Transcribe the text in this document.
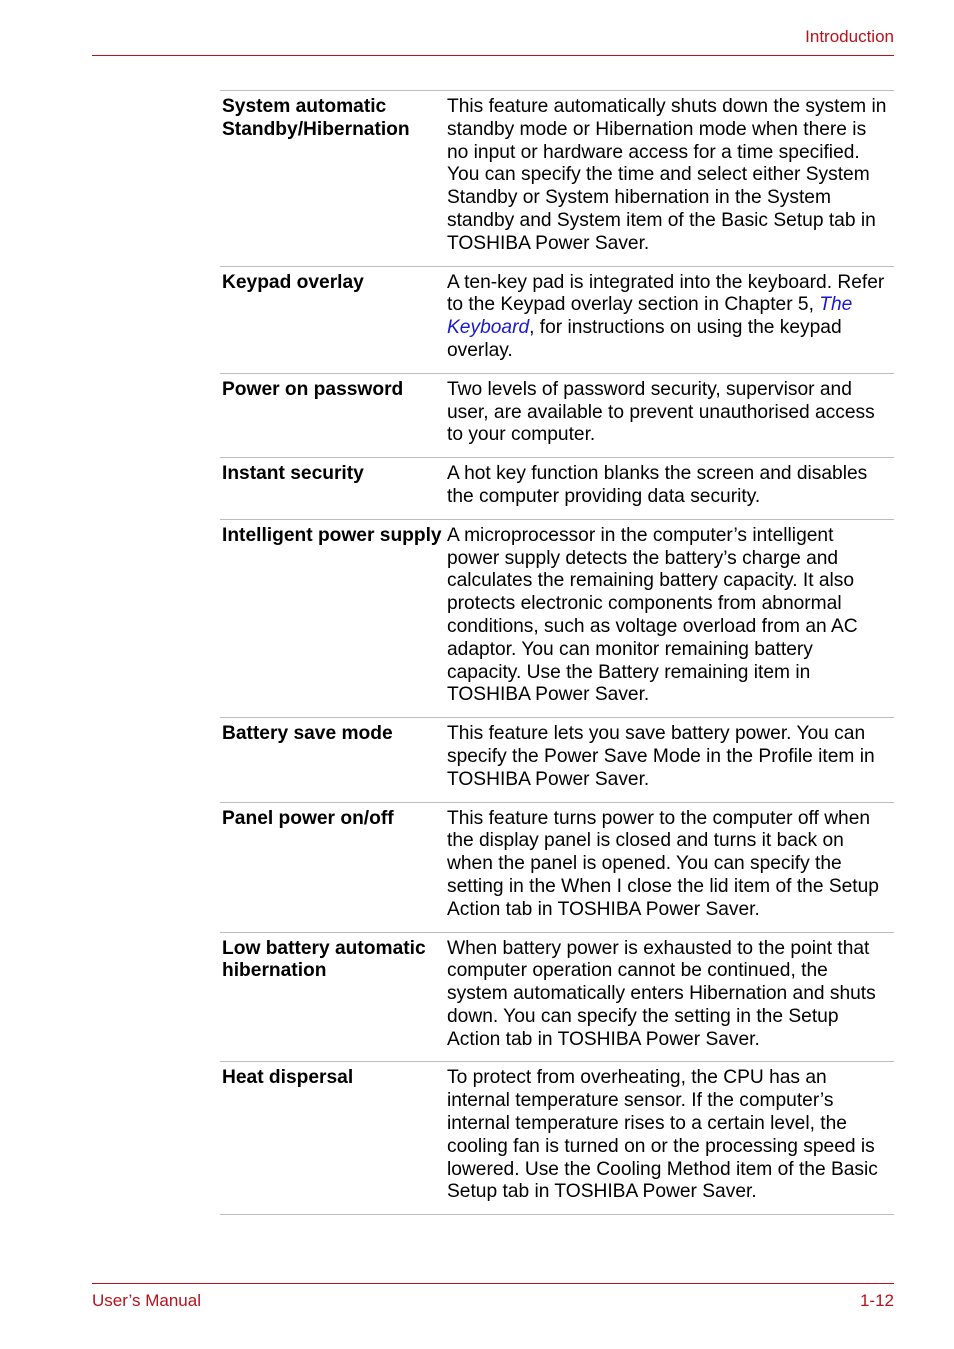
Introduction
System automatic Standby/Hibernation	This feature automatically shuts down the system in standby mode or Hibernation mode when there is no input or hardware access for a time specified. You can specify the time and select either System Standby or System hibernation in the System standby and System item of the Basic Setup tab in TOSHIBA Power Saver.
Keypad overlay	A ten-key pad is integrated into the keyboard. Refer to the Keypad overlay section in Chapter 5, The Keyboard, for instructions on using the keypad overlay.
Power on password	Two levels of password security, supervisor and user, are available to prevent unauthorised access to your computer.
Instant security	A hot key function blanks the screen and disables the computer providing data security.
Intelligent power supply	A microprocessor in the computer’s intelligent power supply detects the battery’s charge and calculates the remaining battery capacity. It also protects electronic components from abnormal conditions, such as voltage overload from an AC adaptor. You can monitor remaining battery capacity. Use the Battery remaining item in TOSHIBA Power Saver.
Battery save mode	This feature lets you save battery power. You can specify the Power Save Mode in the Profile item in TOSHIBA Power Saver.
Panel power on/off	This feature turns power to the computer off when the display panel is closed and turns it back on when the panel is opened. You can specify the setting in the When I close the lid item of the Setup Action tab in TOSHIBA Power Saver.
Low battery automatic hibernation	When battery power is exhausted to the point that computer operation cannot be continued, the system automatically enters Hibernation and shuts down. You can specify the setting in the Setup Action tab in TOSHIBA Power Saver.
Heat dispersal	To protect from overheating, the CPU has an internal temperature sensor. If the computer’s internal temperature rises to a certain level, the cooling fan is turned on or the processing speed is lowered. Use the Cooling Method item of the Basic Setup tab in TOSHIBA Power Saver.
User’s Manual	1-12
